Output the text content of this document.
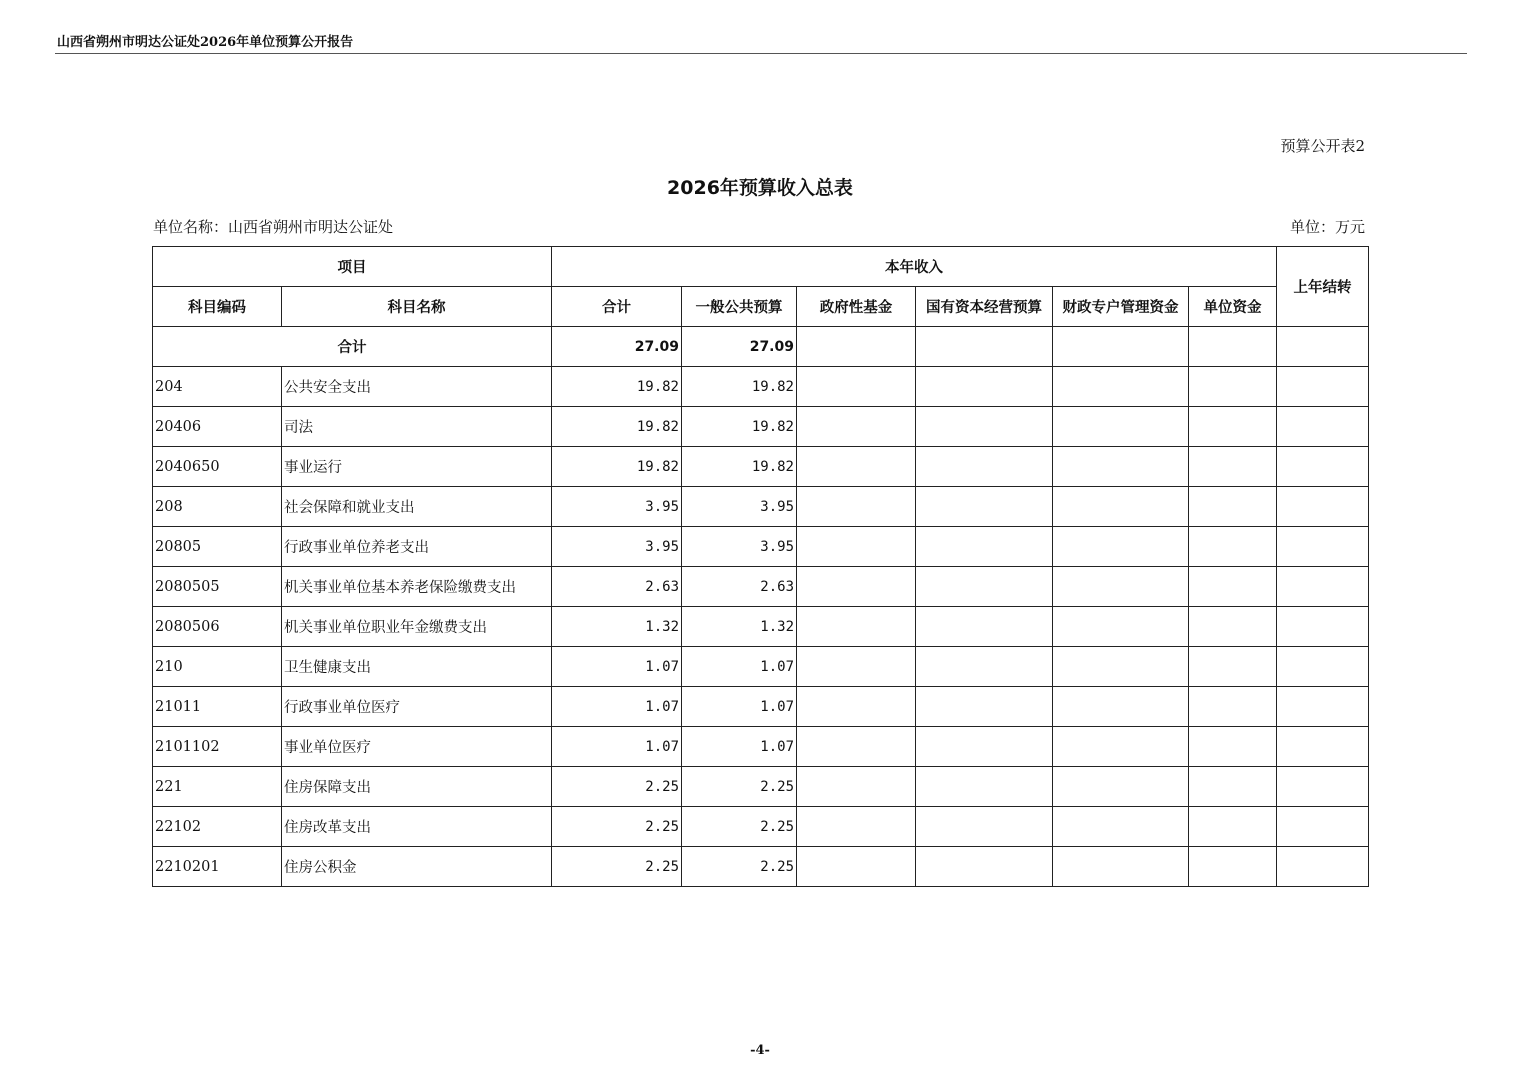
山西省朔州市明达公证处2026年单位预算公开报告
预算公开表2
2026年预算收入总表
单位名称：山西省朔州市明达公证处	单位：万元
项目		本年收入						上年结转
科目编码	科目名称	合计	一般公共预算	政府性基金	国有资本经营预算	财政专户管理资金	单位资金	
合计		27.09	27.09					
204	公共安全支出	19.82	19.82					
20406	司法	19.82	19.82					
2040650	事业运行	19.82	19.82					
208	社会保障和就业支出	3.95	3.95					
20805	行政事业单位养老支出	3.95	3.95					
2080505	机关事业单位基本养老保险缴费支出	2.63	2.63					
2080506	机关事业单位职业年金缴费支出	1.32	1.32					
210	卫生健康支出	1.07	1.07					
21011	行政事业单位医疗	1.07	1.07					
2101102	事业单位医疗	1.07	1.07					
221	住房保障支出	2.25	2.25					
22102	住房改革支出	2.25	2.25					
2210201	住房公积金	2.25	2.25					
-4-
